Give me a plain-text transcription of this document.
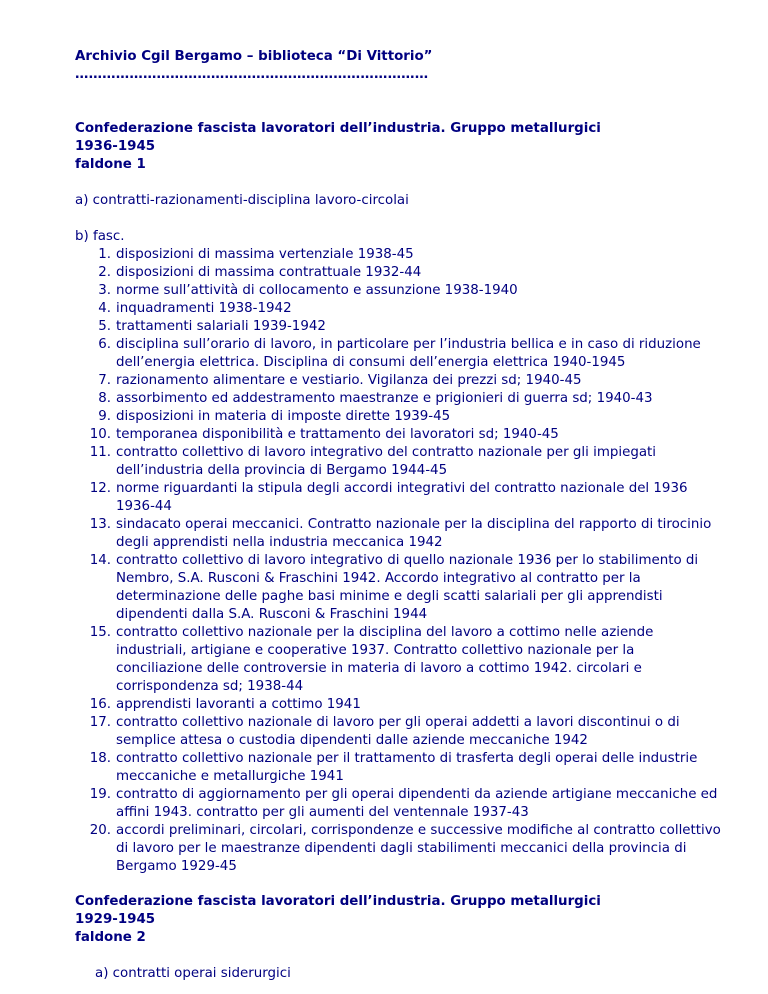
Archivio Cgil Bergamo – biblioteca “Di Vittorio”

……………………………………………………………………

Confederazione fascista lavoratori dell’industria. Gruppo metallurgici

1936-1945

faldone 1

a) contratti-razionamenti-disciplina lavoro-circolai

b) fasc.

1. disposizioni di massima vertenziale 1938-45
2. disposizioni di massima contrattuale 1932-44
3. norme sull’attività di collocamento e assunzione 1938-1940
4. inquadramenti 1938-1942
5. trattamenti salariali 1939-1942
6. disciplina sull’orario di lavoro, in particolare per l’industria bellica e in caso di riduzione
dell’energia elettrica. Disciplina di consumi dell’energia elettrica 1940-1945
7. razionamento alimentare e vestiario. Vigilanza dei prezzi sd; 1940-45
8. assorbimento ed addestramento maestranze e prigionieri di guerra sd; 1940-43
9. disposizioni in materia di imposte dirette 1939-45
10. temporanea disponibilità e trattamento dei lavoratori sd; 1940-45
11. contratto collettivo di lavoro integrativo del contratto nazionale per gli impiegati
dell’industria della provincia di Bergamo 1944-45
12. norme riguardanti la stipula degli accordi integrativi del contratto nazionale del 1936
1936-44
13. sindacato operai meccanici. Contratto nazionale per la disciplina del rapporto di tirocinio
degli apprendisti nella industria meccanica 1942
14. contratto collettivo di lavoro integrativo di quello nazionale 1936 per lo stabilimento di
Nembro, S.A. Rusconi & Fraschini 1942. Accordo integrativo al contratto per la
determinazione delle paghe basi minime e degli scatti salariali per gli apprendisti
dipendenti dalla S.A. Rusconi & Fraschini 1944
15. contratto collettivo nazionale per la disciplina del lavoro a cottimo nelle aziende
industriali, artigiane e cooperative 1937. Contratto collettivo nazionale per la
conciliazione delle controversie in materia di lavoro a cottimo 1942. circolari e
corrispondenza sd; 1938-44
16. apprendisti lavoranti a cottimo 1941
17. contratto collettivo nazionale di lavoro per gli operai addetti a lavori discontinui o di
semplice attesa o custodia dipendenti dalle aziende meccaniche 1942
18. contratto collettivo nazionale per il trattamento di trasferta degli operai delle industrie
meccaniche e metallurgiche 1941
19. contratto di aggiornamento per gli operai dipendenti da aziende artigiane meccaniche ed
affini 1943. contratto per gli aumenti del ventennale 1937-43
20. accordi preliminari, circolari, corrispondenze e successive modifiche al contratto collettivo
di lavoro per le maestranze dipendenti dagli stabilimenti meccanici della provincia di
Bergamo 1929-45

Confederazione fascista lavoratori dell’industria. Gruppo metallurgici

1929-1945

faldone 2

a) contratti operai siderurgici
